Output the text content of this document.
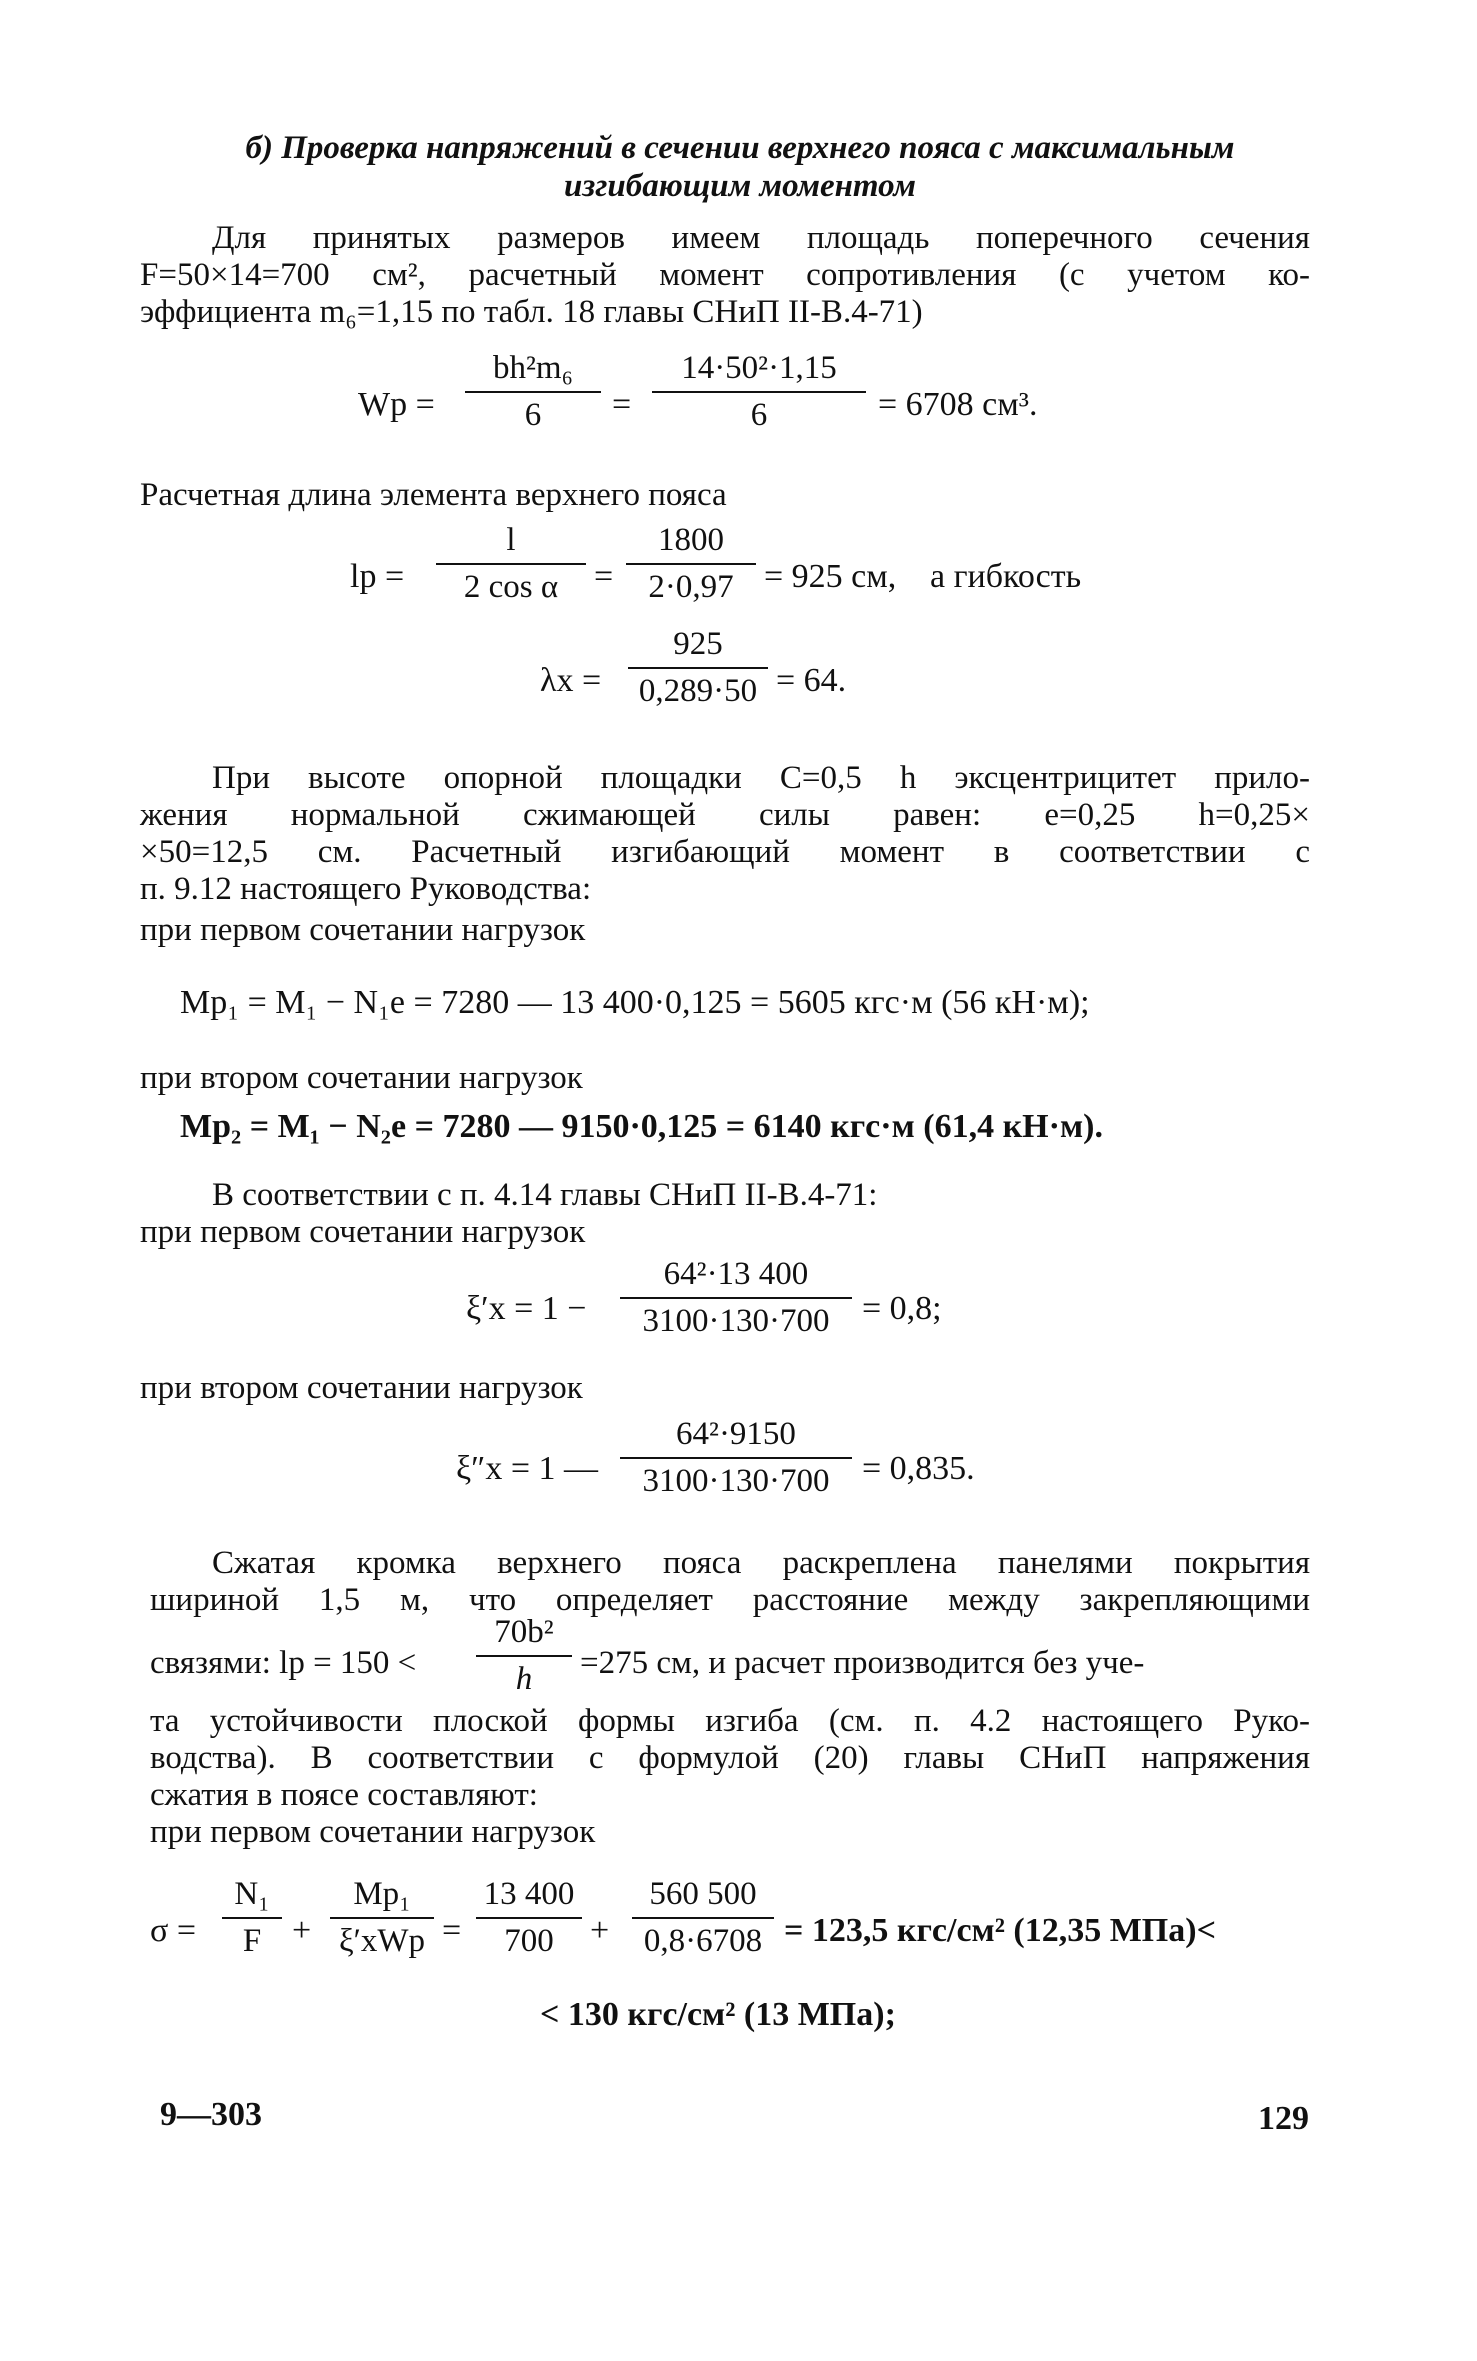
б) Проверка напряжений в сечении верхнего пояса с максимальным
изгибающим моментом
Для принятых размеров имеем площадь поперечного сечения
F=50×14=700 см², расчетный момент сопротивления (с учетом ко-
эффициента m₆=1,15 по табл. 18 главы СНиП II-В.4-71)
Wр = $\frac{\text{bh²m₆}}{6} = \frac{\text{14·50²·1,15}}{6} = 6708$ см³.
Расчетная длина элемента верхнего пояса
lр = $\frac{l}{\text{2 cos α}} = \frac{1800}{2\cdot 0,97} = 925$ см, а гибкость
$\lambda x = \frac{925}{0,289\cdot 50} = 64$.
При высоте опорной площадки C=0,5 h эксцентрицитет прило-
жения нормальной сжимающей силы равен: e=0,25 h=0,25×
×50=12,5 см. Расчетный изгибающий момент в соответствии с
п. 9.12 настоящего Руководства:
при первом сочетании нагрузок
Mp₁ = M₁ − N₁e = 7280 — 13 400·0,125 = 5605 кгс·м (56 кН·м);
при втором сочетании нагрузок
Mp₂ = M₁ − N₂e = 7280 — 9150·0,125 = 6140 кгс·м (61,4 кН·м).
В соответствии с п. 4.14 главы СНиП II-В.4-71:
при первом сочетании нагрузок
$\xi'x = 1 - \frac{\text{64²·13 400}}{3100\cdot 130\cdot 700} = 0,8$;
при втором сочетании нагрузок
ξ″x = 1 — $\frac{\text{64²·9150}}{3100\cdot 130\cdot 700} = 0,835$.
Сжатая кромка верхнего пояса раскреплена панелями покрытия
шириной 1,5 м, что определяет расстояние между закрепляющими
связями: lр = $150 < \frac{\text{70b²}}{h} =275$ см, и расчет производится без уче-
та устойчивости плоской формы изгиба (см. п. 4.2 настоящего Руко-
водства). В соответствии с формулой (20) главы СНиП напряжения
сжатия в поясе составляют:
при первом сочетании нагрузок
$\sigma = \frac{\text{N₁}}{F}$ +
Mp₁
$\xi'xWр = \frac{13 400}{700} + \frac{560 500}{0,8\cdot 6708} = 123,5$ кгс/см² (12,35 МПа)<
< 130 кгс/см² (13 МПа);
9—303	129
